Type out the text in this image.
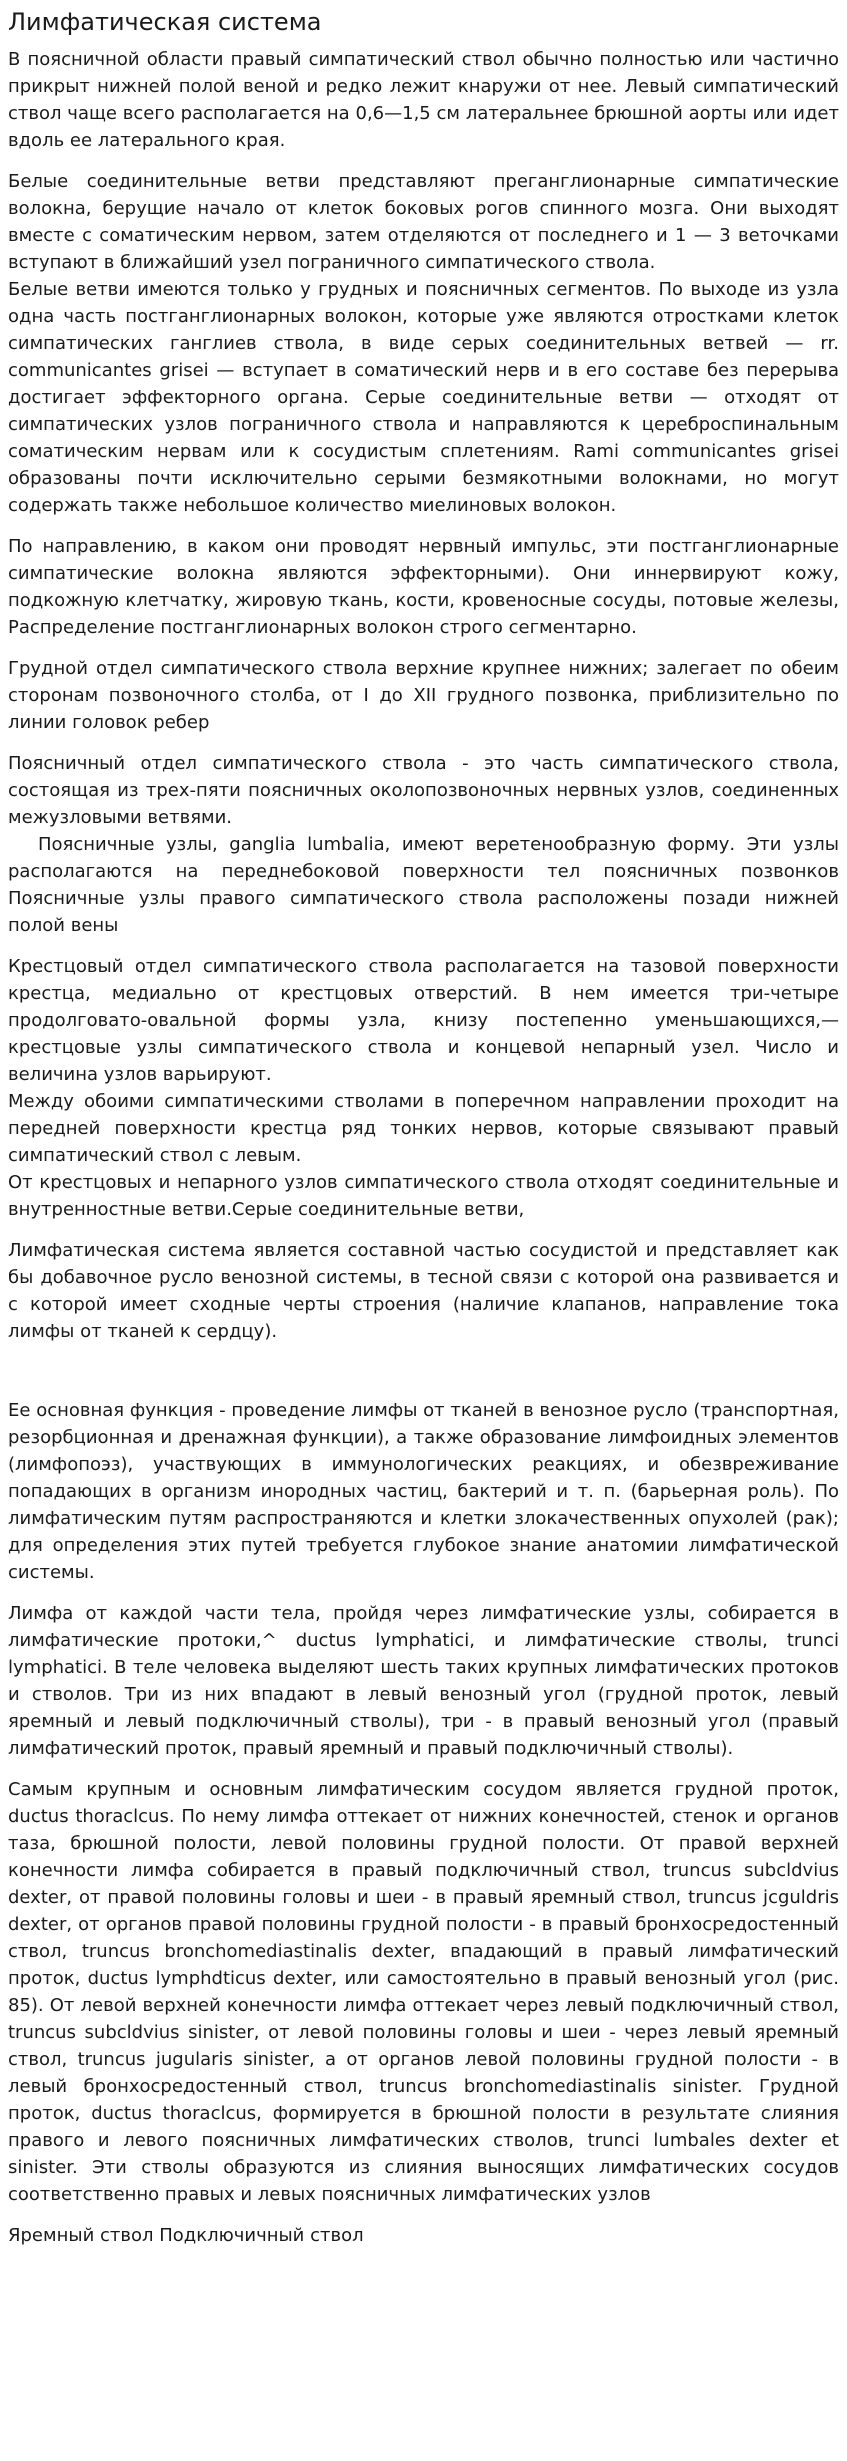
Лимфатическая система

В поясничной области правый симпатический ствол обычно полностью или частично прикрыт нижней полой веной и редко лежит кнаружи от нее. Левый симпатический ствол чаще всего располагается на 0,6—1,5 см латеральнее брюшной аорты или идет вдоль ее латерального края.

Белые соединительные ветви представляют преганглионарные симпатические волокна, берущие начало от клеток боковых рогов спинного мозга. Они выходят вместе с соматическим нервом, затем отделяются от последнего и 1 — 3 веточками вступают в ближайший узел пограничного симпатического ствола.
Белые ветви имеются только у грудных и поясничных сегментов. По выходе из узла одна часть постганглионарных волокон, которые уже являются отростками клеток симпатических ганглиев ствола, в виде серых соединительных ветвей — rr. communicantes grisei — вступает в соматический нерв и в его составе без перерыва достигает эффекторного органа. Серые соединительные ветви — отходят от симпатических узлов пограничного ствола и направляются к цереброспинальным соматическим нервам или к сосудистым сплетениям. Rami communicantes grisei образованы почти исключительно серыми безмякотными волокнами, но могут содержать также небольшое количество миелиновых волокон.

По направлению, в каком они проводят нервный импульс, эти постганглионарные симпатические волокна являются эффекторными). Они иннервируют кожу, подкожную клетчатку, жировую ткань, кости, кровеносные сосуды, потовые железы, Распределение постганглионарных волокон строго сегментарно.

Грудной отдел симпатического ствола верхние крупнее нижних; залегает по обеим сторонам позвоночного столба, от I до XII грудного позвонка, приблизительно по линии головок ребер

Поясничный отдел симпатического ствола - это часть симпатического ствола, состоящая из трех-пяти поясничных околопозвоночных нервных узлов, соединенных межузловыми ветвями.
Поясничные узлы, ganglia lumbalia, имеют веретенообразную форму. Эти узлы располагаются на переднебоковой поверхности тел поясничных позвонков Поясничные узлы правого симпатического ствола расположены позади нижней полой вены
Крестцовый отдел симпатического ствола располагается на тазовой поверхности крестца, медиально от крестцовых отверстий. В нем имеется три-четыре продолговато-овальной формы узла, книзу постепенно уменьшающихся,— крестцовые узлы симпатического ствола и концевой непарный узел. Число и величина узлов варьируют.
Между обоими симпатическими стволами в поперечном направлении проходит на передней поверхности крестца ряд тонких нервов, которые связывают правый симпатический ствол с левым.
От крестцовых и непарного узлов симпатического ствола отходят соединительные и внутренностные ветви.Серые соединительные ветви,

Лимфатическая система является составной частью сосудистой и представляет как бы добавочное русло венозной системы, в тесной связи с которой она развивается и с которой имеет сходные черты строения (наличие клапанов, направление тока лимфы от тканей к сердцу).

Ее основная функция - проведение лимфы от тканей в венозное русло (транспортная, резорбционная и дренажная функции), а также образование лимфоидных элементов (лимфопоэз), участвующих в иммунологических реакциях, и обезвреживание попадающих в организм инородных частиц, бактерий и т. п. (барьерная роль). По лимфатическим путям распространяются и клетки злокачественных опухолей (рак); для определения этих путей требуется глубокое знание анатомии лимфатической системы.

Лимфа от каждой части тела, пройдя через лимфатические узлы, собирается в лимфатические протоки,^ ductus lymphatici, и лимфатические стволы, trunci lymphatici. В теле человека выделяют шесть таких крупных лимфатических протоков и стволов. Три из них впадают в левый венозный угол (грудной проток, левый яремный и левый подключичный стволы), три - в правый венозный угол (правый лимфатический проток, правый яремный и правый подключичный стволы).

Самым крупным и основным лимфатическим сосудом является грудной проток, ductus thoraclcus. По нему лимфа оттекает от нижних конечностей, стенок и органов таза, брюшной полости, левой половины грудной полости. От правой верхней конечности лимфа собирается в правый подключичный ствол, truncus subcldvius dexter, от правой половины головы и шеи - в правый яремный ствол, truncus jcguldris dexter, от органов правой половины грудной полости - в правый бронхосредостенный ствол, truncus bronchomediastinalis dexter, впадающий в правый лимфатический проток, ductus lymphdticus dexter, или самостоятельно в правый венозный угол (рис. 85). От левой верхней конечности лимфа оттекает через левый подключичный ствол, truncus subcldvius sinister, от левой половины головы и шеи - через левый яремный ствол, truncus jugularis sinister, а от органов левой половины грудной полости - в левый бронхосредостенный ствол, truncus bronchomediastinalis sinister. Грудной проток, ductus thoraclcus, формируется в брюшной полости в результате слияния правого и левого поясничных лимфатических стволов, trunci lumbales dexter et sinister. Эти стволы образуются из слияния выносящих лимфатических сосудов соответственно правых и левых поясничных лимфатических узлов

Яремный ствол Подключичный ствол
